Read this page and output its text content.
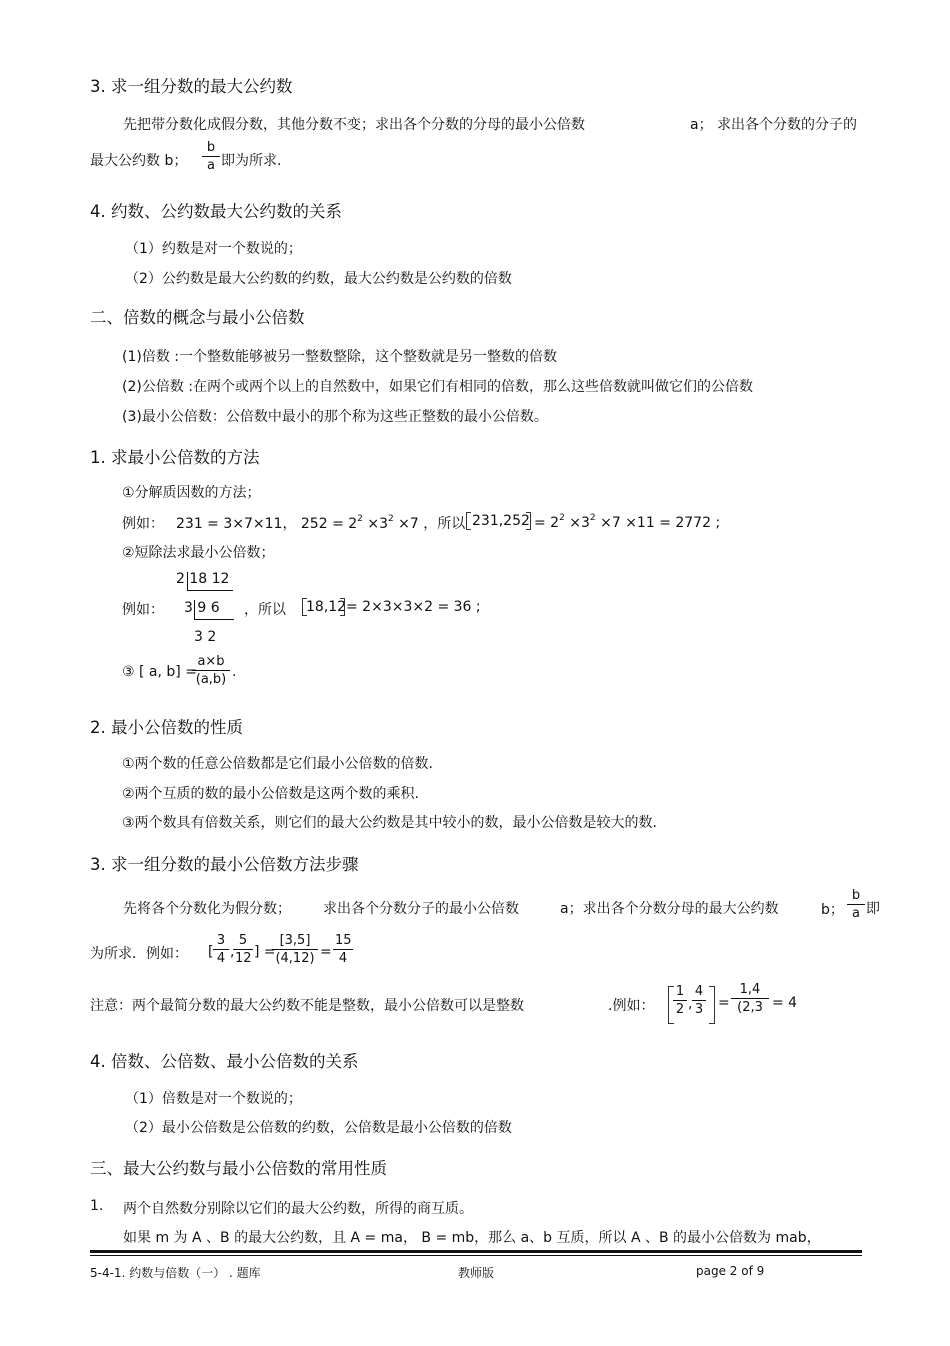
3. 求一组分数的最大公约数
先把带分数化成假分数，其他分数不变；求出各个分数的分母的最小公倍数	a； 求出各个分数的分子的
最大公约数 b；
b
a 即为所求.
4. 约数、公约数最大公约数的关系
（1）约数是对一个数说的；
（2）公约数是最大公约数的约数，最大公约数是公约数的倍数
二、倍数的概念与最小公倍数
(1)倍数 :一个整数能够被另一整数整除，这个整数就是另一整数的倍数
(2)公倍数 :在两个或两个以上的自然数中，如果它们有相同的倍数，那么这些倍数就叫做它们的公倍数
(3)最小公倍数：公倍数中最小的那个称为这些正整数的最小公倍数。
1. 求最小公倍数的方法
①分解质因数的方法；
例如： 231 = 3×7×11， $252 = 2^2 \times 3^2 \times 7$ ，所以 $231,252 = 2^2 \times 3^2 \times 7 \times 11 = 2772$ ;
②短除法求最小公倍数；
2 18 12
例如： 3 9 6
3 2
，所以 18,12 = 2×3×3×2 = 36 ;
③ [ a, b] =
a×b
(a,b) .
2. 最小公倍数的性质
①两个数的任意公倍数都是它们最小公倍数的倍数.
②两个互质的数的最小公倍数是这两个数的乘积.
③两个数具有倍数关系，则它们的最大公约数是其中较小的数，最小公倍数是较大的数.
3. 求一组分数的最小公倍数方法步骤
先将各个分数化为假分数； 求出各个分数分子的最小公倍数	a；求出各个分数分母的最大公约数	b；
b
a 即
为所求．例如： [
3
4 ,
5
12 ] =
[3,5]
(4,12) =
15
4
注意：两个最简分数的最大公约数不能是整数，最小公倍数可以是整数	.例如：
1
2 ,
4
3 =
1,4
(2,3 = 4
4. 倍数、公倍数、最小公倍数的关系
（1）倍数是对一个数说的；
（2）最小公倍数是公倍数的约数，公倍数是最小公倍数的倍数
三、最大公约数与最小公倍数的常用性质
1. 两个自然数分别除以它们的最大公约数，所得的商互质。
如果 m 为 A 、B 的最大公约数，且 A = ma， B = mb，那么 a、b 互质，所以 A 、B 的最小公倍数为 mab，
5-4-1. 约数与倍数（一） . 题库	教师版	page 2 of 9
